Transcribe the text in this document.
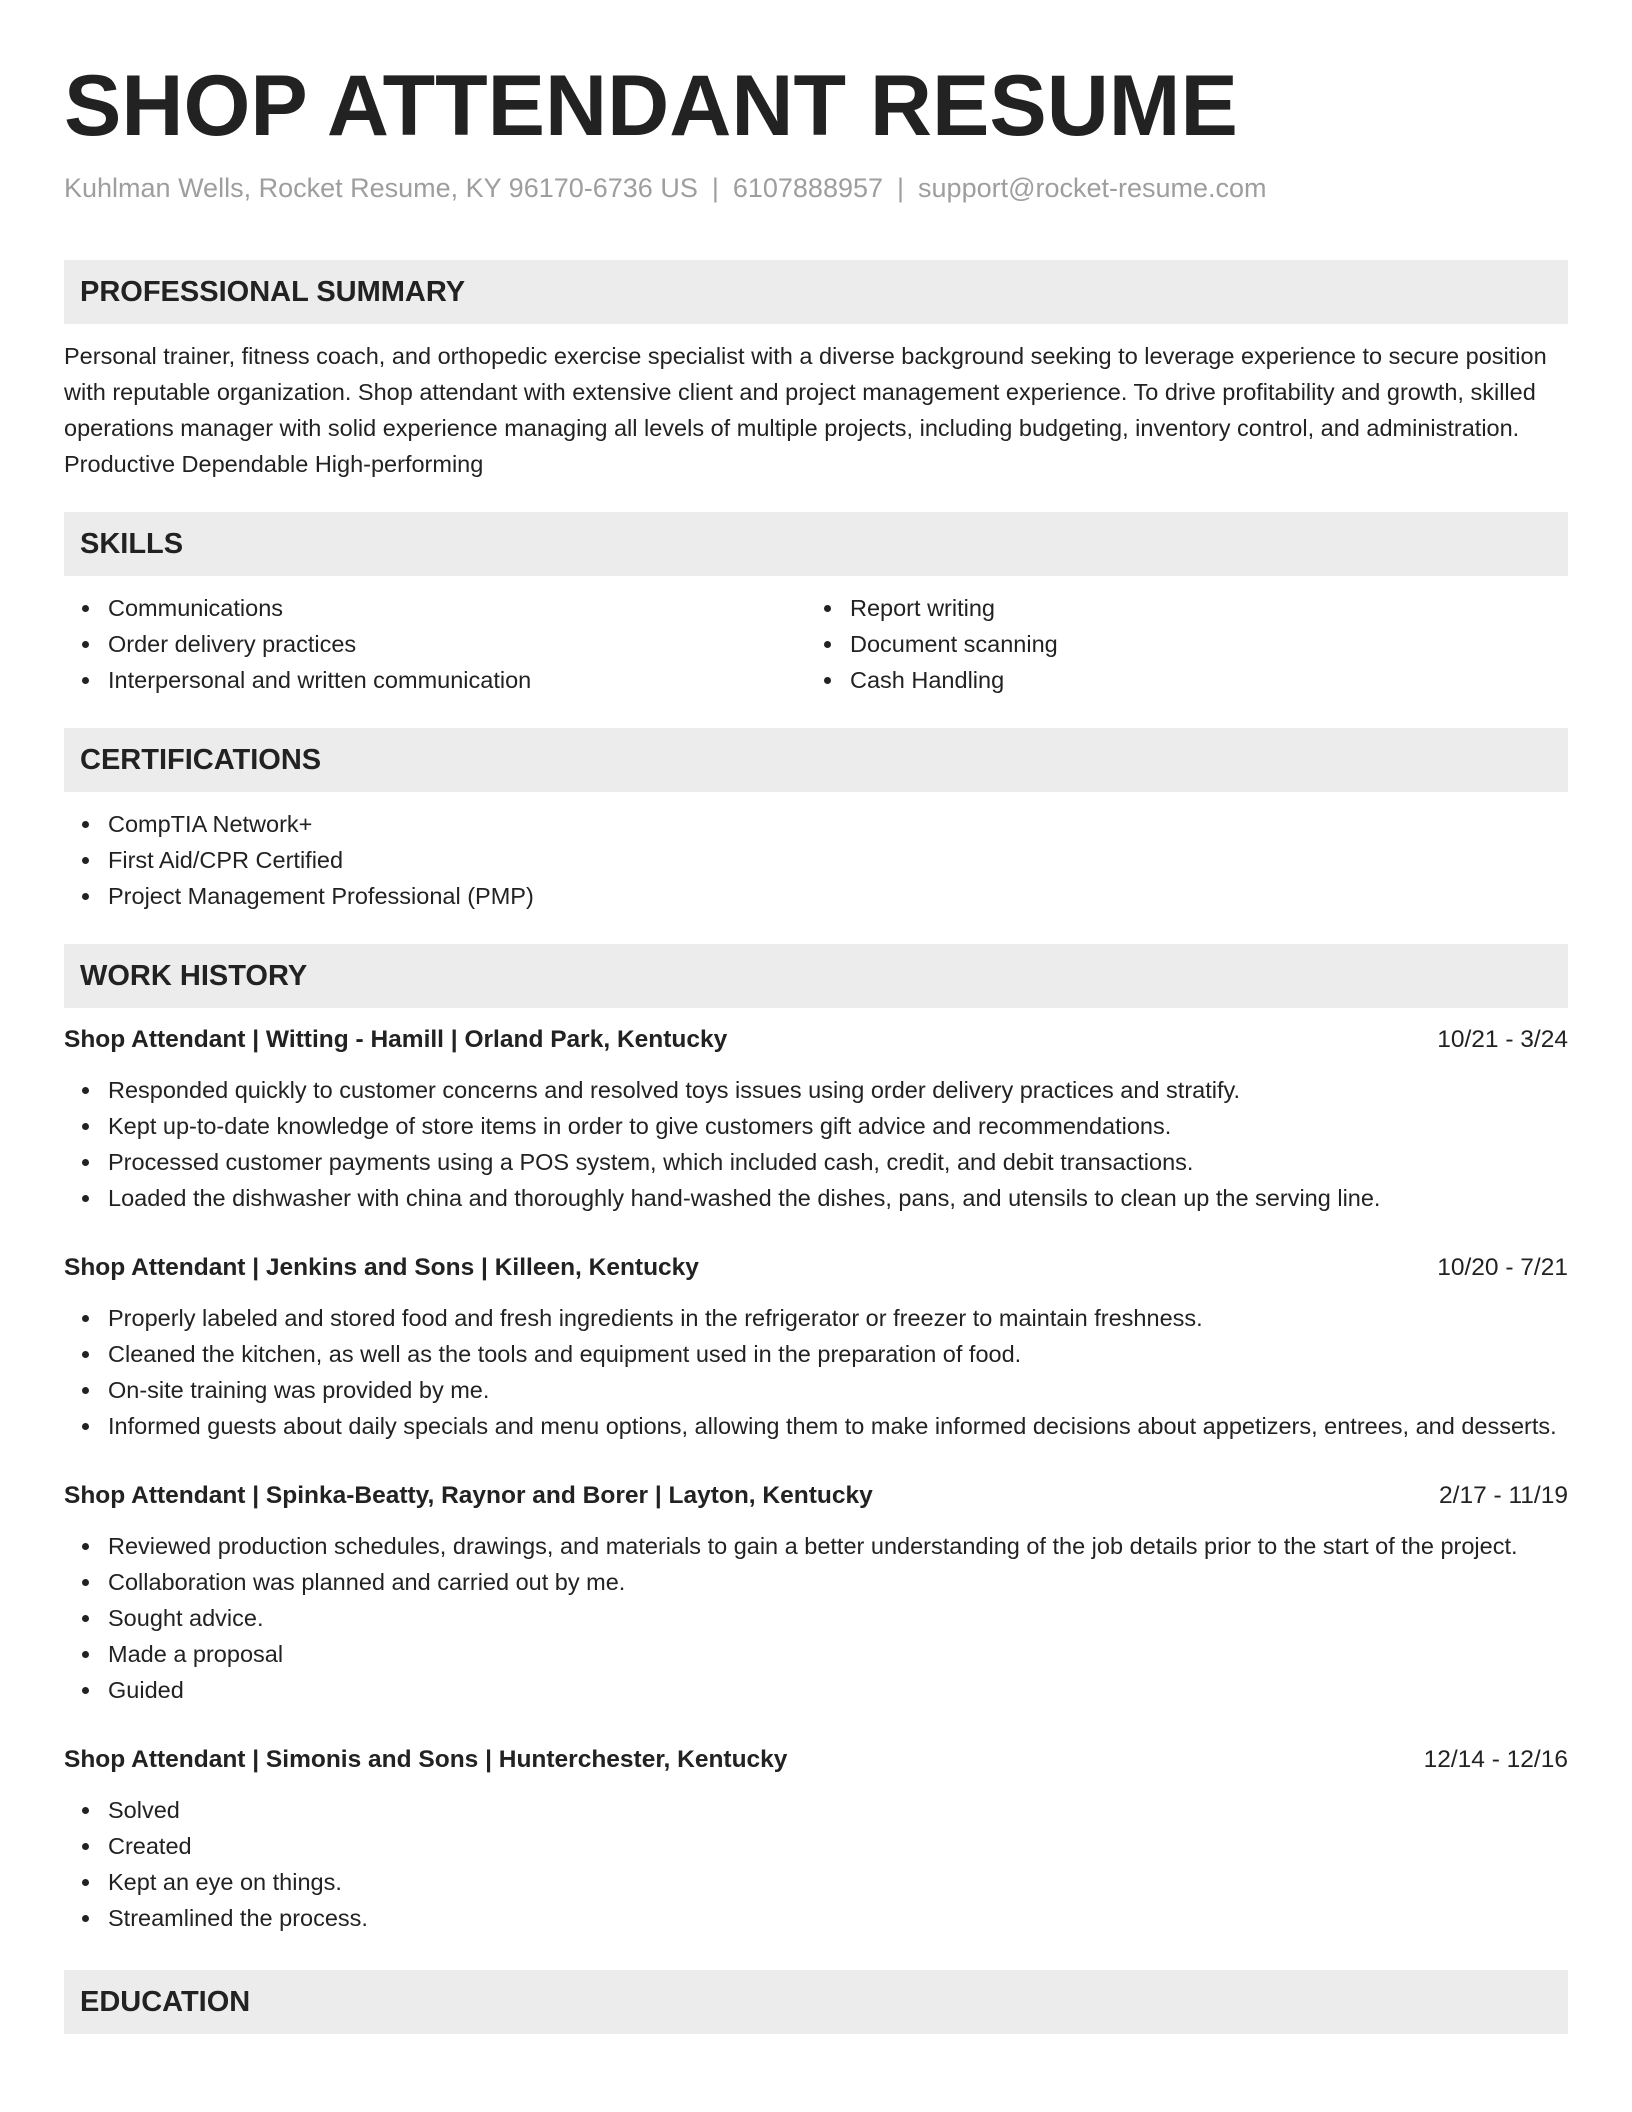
SHOP ATTENDANT RESUME
Kuhlman Wells, Rocket Resume, KY 96170-6736 US | 6107888957 | support@rocket-resume.com
PROFESSIONAL SUMMARY

Personal trainer, fitness coach, and orthopedic exercise specialist with a diverse background seeking to leverage experience to secure position with reputable organization. Shop attendant with extensive client and project management experience. To drive profitability and growth, skilled operations manager with solid experience managing all levels of multiple projects, including budgeting, inventory control, and administration. Productive Dependable High-performing

SKILLS
Communications
Order delivery practices
Interpersonal and written communication
Report writing
Document scanning
Cash Handling
CERTIFICATIONS
CompTIA Network+
First Aid/CPR Certified
Project Management Professional (PMP)
WORK HISTORY
Shop Attendant | Witting - Hamill | Orland Park, Kentucky	10/21 - 3/24
Responded quickly to customer concerns and resolved toys issues using order delivery practices and stratify.
Kept up-to-date knowledge of store items in order to give customers gift advice and recommendations.
Processed customer payments using a POS system, which included cash, credit, and debit transactions.
Loaded the dishwasher with china and thoroughly hand-washed the dishes, pans, and utensils to clean up the serving line.
Shop Attendant | Jenkins and Sons | Killeen, Kentucky	10/20 - 7/21
Properly labeled and stored food and fresh ingredients in the refrigerator or freezer to maintain freshness.
Cleaned the kitchen, as well as the tools and equipment used in the preparation of food.
On-site training was provided by me.
Informed guests about daily specials and menu options, allowing them to make informed decisions about appetizers, entrees, and desserts.
Shop Attendant | Spinka-Beatty, Raynor and Borer | Layton, Kentucky	2/17 - 11/19
Reviewed production schedules, drawings, and materials to gain a better understanding of the job details prior to the start of the project.
Collaboration was planned and carried out by me.
Sought advice.
Made a proposal
Guided
Shop Attendant | Simonis and Sons | Hunterchester, Kentucky	12/14 - 12/16
Solved
Created
Kept an eye on things.
Streamlined the process.
EDUCATION
